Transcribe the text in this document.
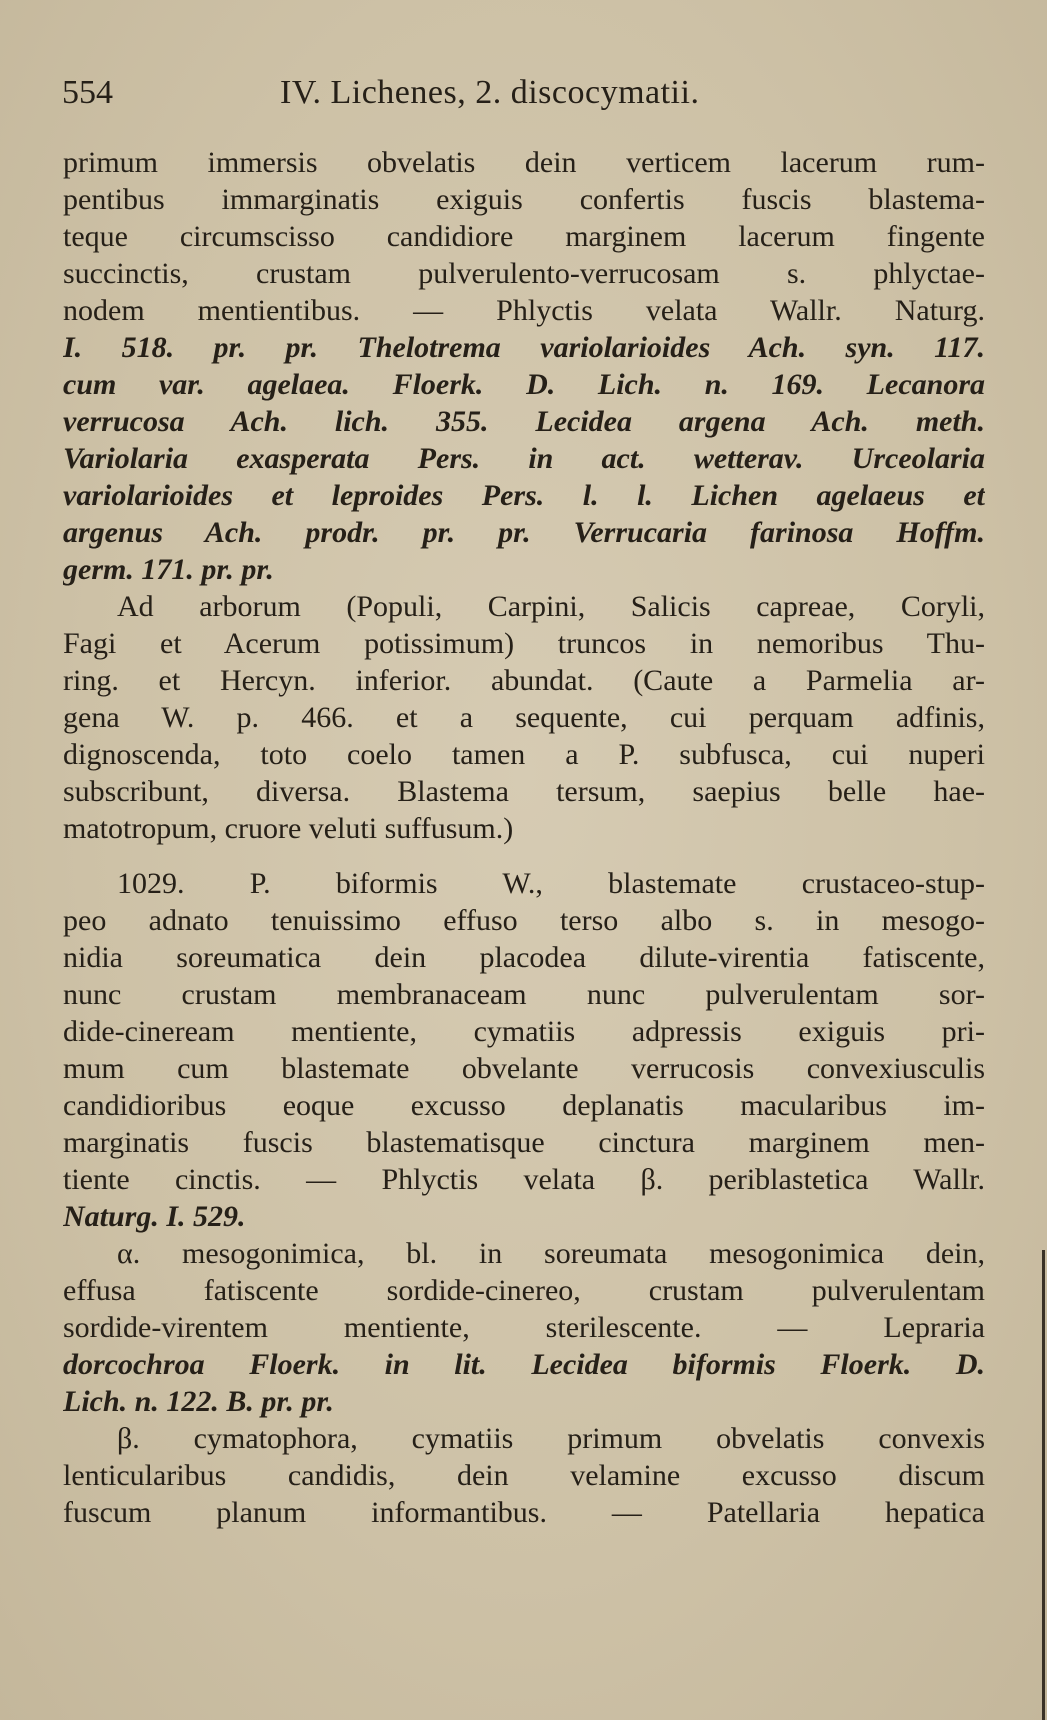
554	IV. Lichenes, 2. discocymatii.
primum immersis obvelatis dein verticem lacerum rum-
pentibus immarginatis exiguis confertis fuscis blastema-
teque circumscisso candidiore marginem lacerum fingente
succinctis, crustam pulverulento-verrucosam s. phlyctae-
nodem mentientibus. — Phlyctis velata Wallr. Naturg.
I. 518. pr. pr. Thelotrema variolarioides Ach. syn. 117.
cum var. agelaea. Floerk. D. Lich. n. 169. Lecanora
verrucosa Ach. lich. 355. Lecidea argena Ach. meth.
Variolaria exasperata Pers. in act. wetterav. Urceolaria
variolarioides et leproides Pers. l. l. Lichen agelaeus et
argenus Ach. prodr. pr. pr. Verrucaria farinosa Hoffm.
germ. 171. pr. pr.
Ad arborum (Populi, Carpini, Salicis capreae, Coryli,
Fagi et Acerum potissimum) truncos in nemoribus Thu-
ring. et Hercyn. inferior. abundat. (Caute a Parmelia ar-
gena W. p. 466. et a sequente, cui perquam adfinis,
dignoscenda, toto coelo tamen a P. subfusca, cui nuperi
subscribunt, diversa. Blastema tersum, saepius belle hae-
matotropum, cruore veluti suffusum.)
1029. P. biformis W., blastemate crustaceo-stup-
peo adnato tenuissimo effuso terso albo s. in mesogo-
nidia soreumatica dein placodea dilute-virentia fatiscente,
nunc crustam membranaceam nunc pulverulentam sor-
dide-cineream mentiente, cymatiis adpressis exiguis pri-
mum cum blastemate obvelante verrucosis convexiusculis
candidioribus eoque excusso deplanatis macularibus im-
marginatis fuscis blastematisque cinctura marginem men-
tiente cinctis. — Phlyctis velata β. periblastetica Wallr.
Naturg. I. 529.
α. mesogonimica, bl. in soreumata mesogonimica dein,
effusa fatiscente sordide-cinereo, crustam pulverulentam
sordide-virentem mentiente, sterilescente. — Lepraria
dorcochroa Floerk. in lit. Lecidea biformis Floerk. D.
Lich. n. 122. B. pr. pr.
β. cymatophora, cymatiis primum obvelatis convexis
lenticularibus candidis, dein velamine excusso discum
fuscum planum informantibus. — Patellaria hepatica
